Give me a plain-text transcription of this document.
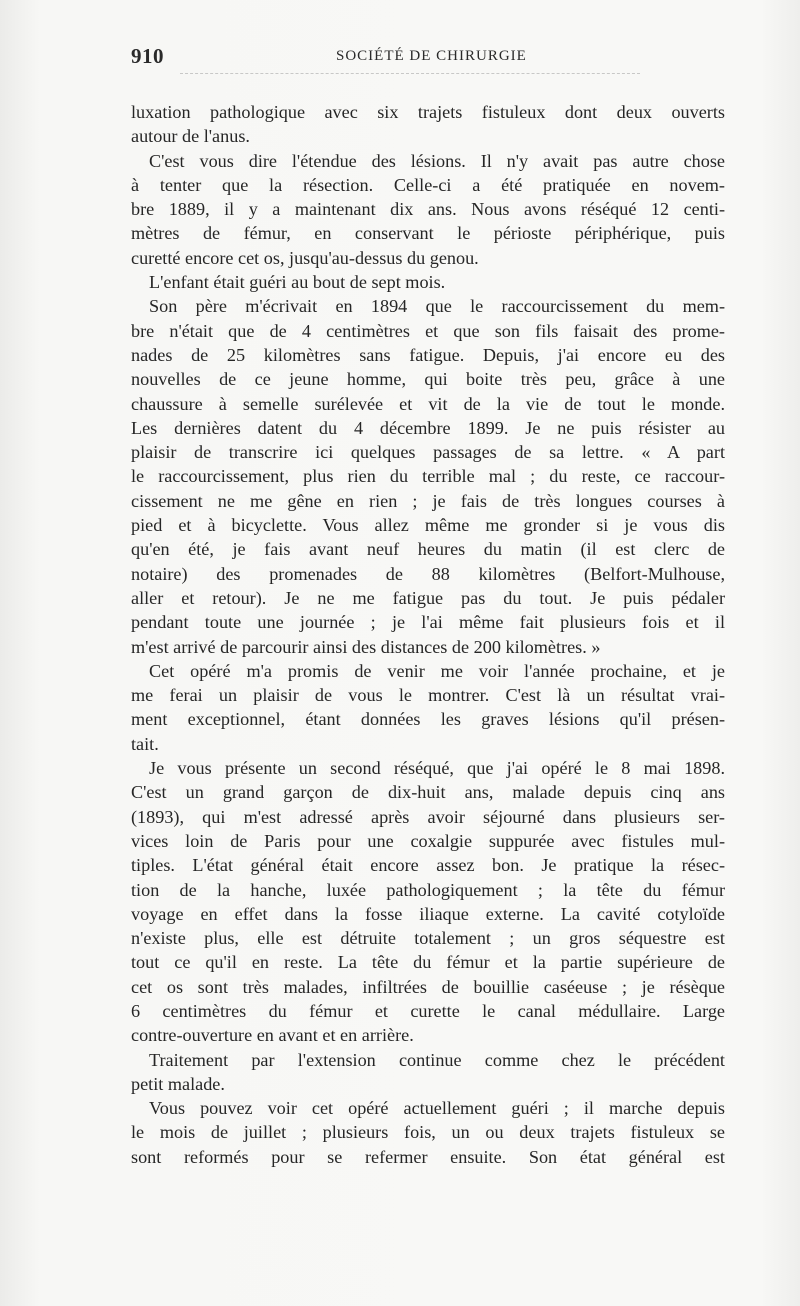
910	SOCIÉTÉ DE CHIRURGIE
luxation pathologique avec six trajets fistuleux dont deux ouverts
autour de l'anus.
C'est vous dire l'étendue des lésions. Il n'y avait pas autre chose
à tenter que la résection. Celle-ci a été pratiquée en novem-
bre 1889, il y a maintenant dix ans. Nous avons réséqué 12 centi-
mètres de fémur, en conservant le périoste périphérique, puis
curetté encore cet os, jusqu'au-dessus du genou.
L'enfant était guéri au bout de sept mois.
Son père m'écrivait en 1894 que le raccourcissement du mem-
bre n'était que de 4 centimètres et que son fils faisait des prome-
nades de 25 kilomètres sans fatigue. Depuis, j'ai encore eu des
nouvelles de ce jeune homme, qui boite très peu, grâce à une
chaussure à semelle surélevée et vit de la vie de tout le monde.
Les dernières datent du 4 décembre 1899. Je ne puis résister au
plaisir de transcrire ici quelques passages de sa lettre. « A part
le raccourcissement, plus rien du terrible mal ; du reste, ce raccour-
cissement ne me gêne en rien ; je fais de très longues courses à
pied et à bicyclette. Vous allez même me gronder si je vous dis
qu'en été, je fais avant neuf heures du matin (il est clerc de
notaire) des promenades de 88 kilomètres (Belfort-Mulhouse,
aller et retour). Je ne me fatigue pas du tout. Je puis pédaler
pendant toute une journée ; je l'ai même fait plusieurs fois et il
m'est arrivé de parcourir ainsi des distances de 200 kilomètres. »
Cet opéré m'a promis de venir me voir l'année prochaine, et je
me ferai un plaisir de vous le montrer. C'est là un résultat vrai-
ment exceptionnel, étant données les graves lésions qu'il présen-
tait.
Je vous présente un second réséqué, que j'ai opéré le 8 mai 1898.
C'est un grand garçon de dix-huit ans, malade depuis cinq ans
(1893), qui m'est adressé après avoir séjourné dans plusieurs ser-
vices loin de Paris pour une coxalgie suppurée avec fistules mul-
tiples. L'état général était encore assez bon. Je pratique la résec-
tion de la hanche, luxée pathologiquement ; la tête du fémur
voyage en effet dans la fosse iliaque externe. La cavité cotyloïde
n'existe plus, elle est détruite totalement ; un gros séquestre est
tout ce qu'il en reste. La tête du fémur et la partie supérieure de
cet os sont très malades, infiltrées de bouillie caséeuse ; je résèque
6 centimètres du fémur et curette le canal médullaire. Large
contre-ouverture en avant et en arrière.
Traitement par l'extension continue comme chez le précédent
petit malade.
Vous pouvez voir cet opéré actuellement guéri ; il marche depuis
le mois de juillet ; plusieurs fois, un ou deux trajets fistuleux se
sont reformés pour se refermer ensuite. Son état général est
